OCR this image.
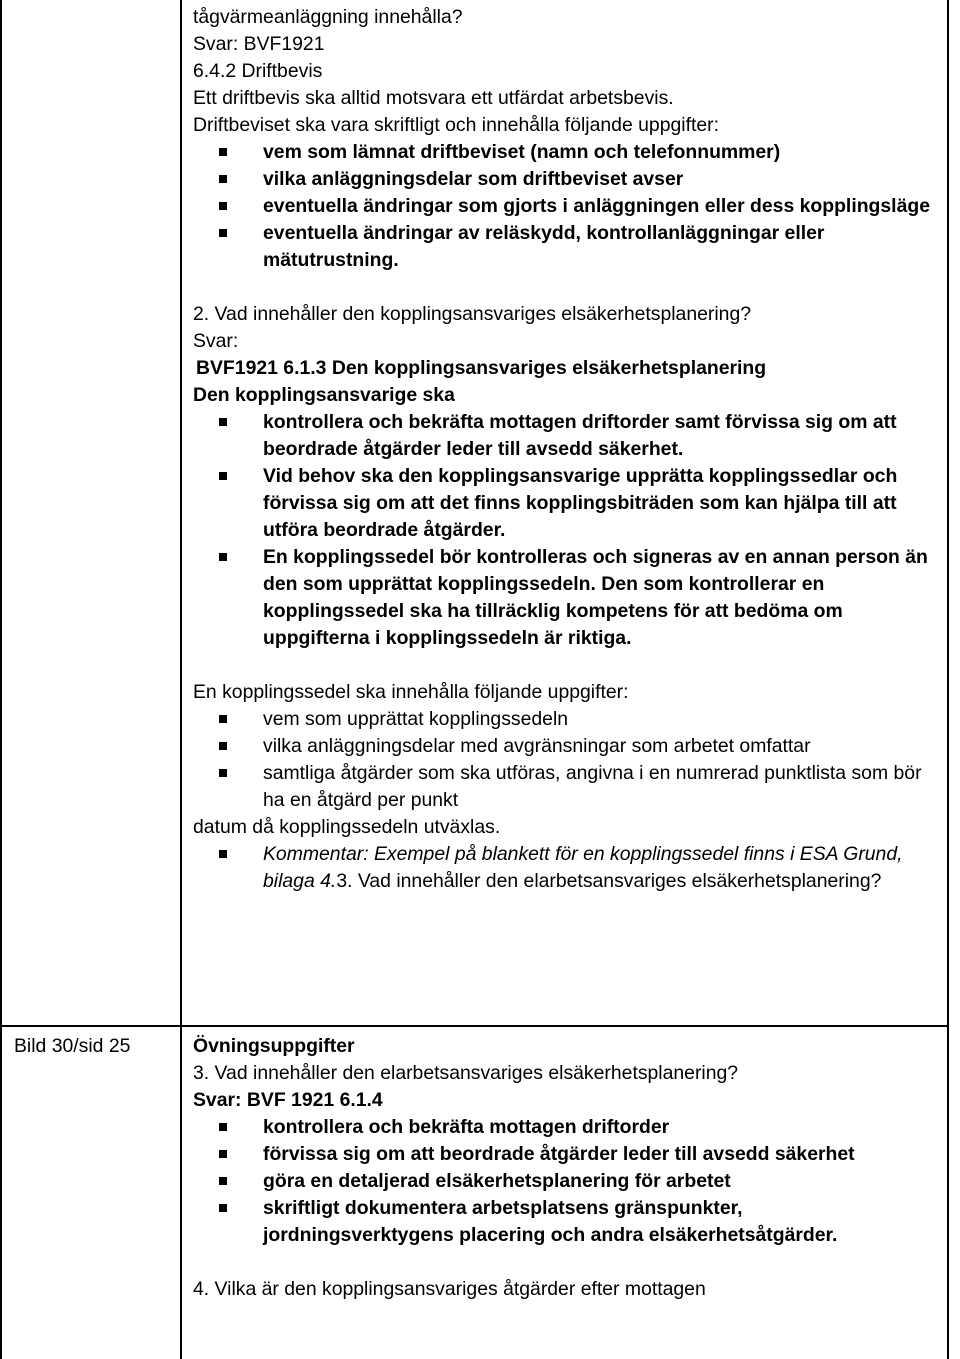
tågvärmeanläggning innehålla?

Svar: BVF1921

6.4.2 Driftbevis

Ett driftbevis ska alltid motsvara ett utfärdat arbetsbevis.

Driftbeviset ska vara skriftligt och innehålla följande uppgifter:

vem som lämnat driftbeviset (namn och telefonnummer)
vilka anläggningsdelar som driftbeviset avser
eventuella ändringar som gjorts i anläggningen eller dess kopplingsläge
eventuella ändringar av reläskydd, kontrollanläggningar eller mätutrustning.

2. Vad innehåller den kopplingsansvariges elsäkerhetsplanering?

Svar:

BVF1921 6.1.3 Den kopplingsansvariges elsäkerhetsplanering

Den kopplingsansvarige ska

kontrollera och bekräfta mottagen driftorder samt förvissa sig om att beordrade åtgärder leder till avsedd säkerhet.
Vid behov ska den kopplingsansvarige upprätta kopplingssedlar och förvissa sig om att det finns kopplingsbiträden som kan hjälpa till att utföra beordrade åtgärder.
En kopplingssedel bör kontrolleras och signeras av en annan person än den som upprättat kopplingssedeln. Den som kontrollerar en kopplingssedel ska ha tillräcklig kompetens för att bedöma om uppgifterna i kopplingssedeln är riktiga.

En kopplingssedel ska innehålla följande uppgifter:

vem som upprättat kopplingssedeln
vilka anläggningsdelar med avgränsningar som arbetet omfattar
samtliga åtgärder som ska utföras, angivna i en numrerad punktlista som bör ha en åtgärd per punkt

datum då kopplingssedeln utväxlas.

Kommentar: Exempel på blankett för en kopplingssedel finns i ESA Grund, bilaga 4.3. Vad innehåller den elarbetsansvariges elsäkerhetsplanering?
Bild 30/sid 25	Övningsuppgifter

3. Vad innehåller den elarbetsansvariges elsäkerhetsplanering?

Svar: BVF 1921 6.1.4

kontrollera och bekräfta mottagen driftorder
förvissa sig om att beordrade åtgärder leder till avsedd säkerhet
göra en detaljerad elsäkerhetsplanering för arbetet
skriftligt dokumentera arbetsplatsens gränspunkter, jordningsverktygens placering och andra elsäkerhetsåtgärder.

4. Vilka är den kopplingsansvariges åtgärder efter mottagen
